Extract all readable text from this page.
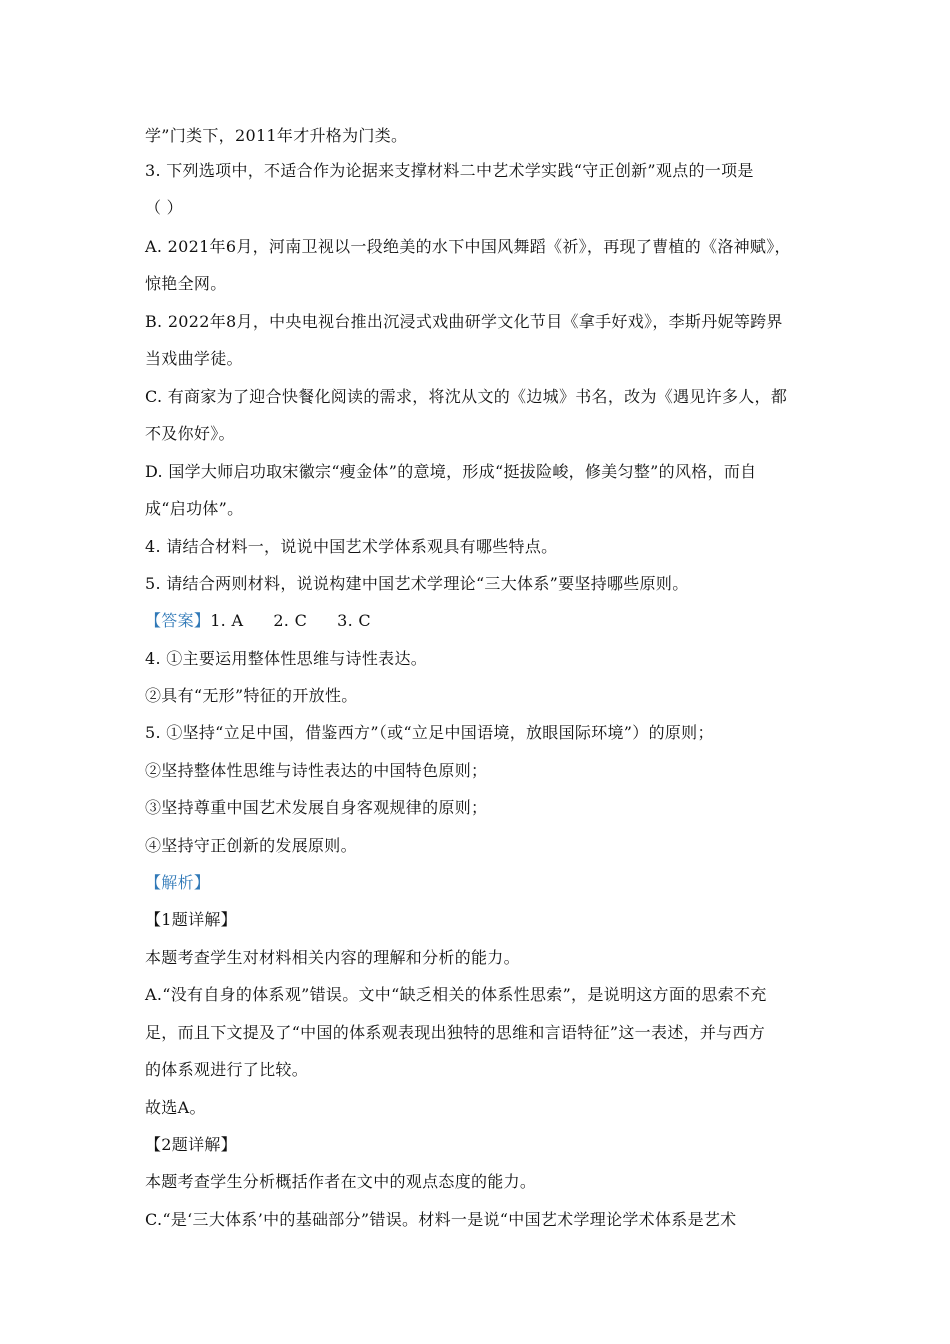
学”门类下，2011年才升格为门类。
3. 下列选项中，不适合作为论据来支撑材料二中艺术学实践“守正创新”观点的一项是
（ ）
A. 2021年6月，河南卫视以一段绝美的水下中国风舞蹈《祈》，再现了曹植的《洛神赋》，
惊艳全网。
B. 2022年8月，中央电视台推出沉浸式戏曲研学文化节目《拿手好戏》，李斯丹妮等跨界
当戏曲学徒。
C. 有商家为了迎合快餐化阅读的需求，将沈从文的《边城》书名，改为《遇见许多人，都
不及你好》。
D. 国学大师启功取宋徽宗“瘦金体”的意境，形成“挺拔险峻，修美匀整”的风格，而自
成“启功体”。
4. 请结合材料一，说说中国艺术学体系观具有哪些特点。
5. 请结合两则材料，说说构建中国艺术学理论“三大体系”要坚持哪些原则。
【答案】1. A 2. C 3. C
4. ①主要运用整体性思维与诗性表达。
②具有“无形”特征的开放性。
5. ①坚持“立足中国，借鉴西方”（或“立足中国语境，放眼国际环境”）的原则；
②坚持整体性思维与诗性表达的中国特色原则；
③坚持尊重中国艺术发展自身客观规律的原则；
④坚持守正创新的发展原则。
【解析】
【1题详解】
本题考查学生对材料相关内容的理解和分析的能力。
A.“没有自身的体系观”错误。文中“缺乏相关的体系性思索”，是说明这方面的思索不充
足，而且下文提及了“中国的体系观表现出独特的思维和言语特征”这一表述，并与西方
的体系观进行了比较。
故选A。
【2题详解】
本题考查学生分析概括作者在文中的观点态度的能力。
C.“是‘三大体系’中的基础部分”错误。材料一是说“中国艺术学理论学术体系是艺术
